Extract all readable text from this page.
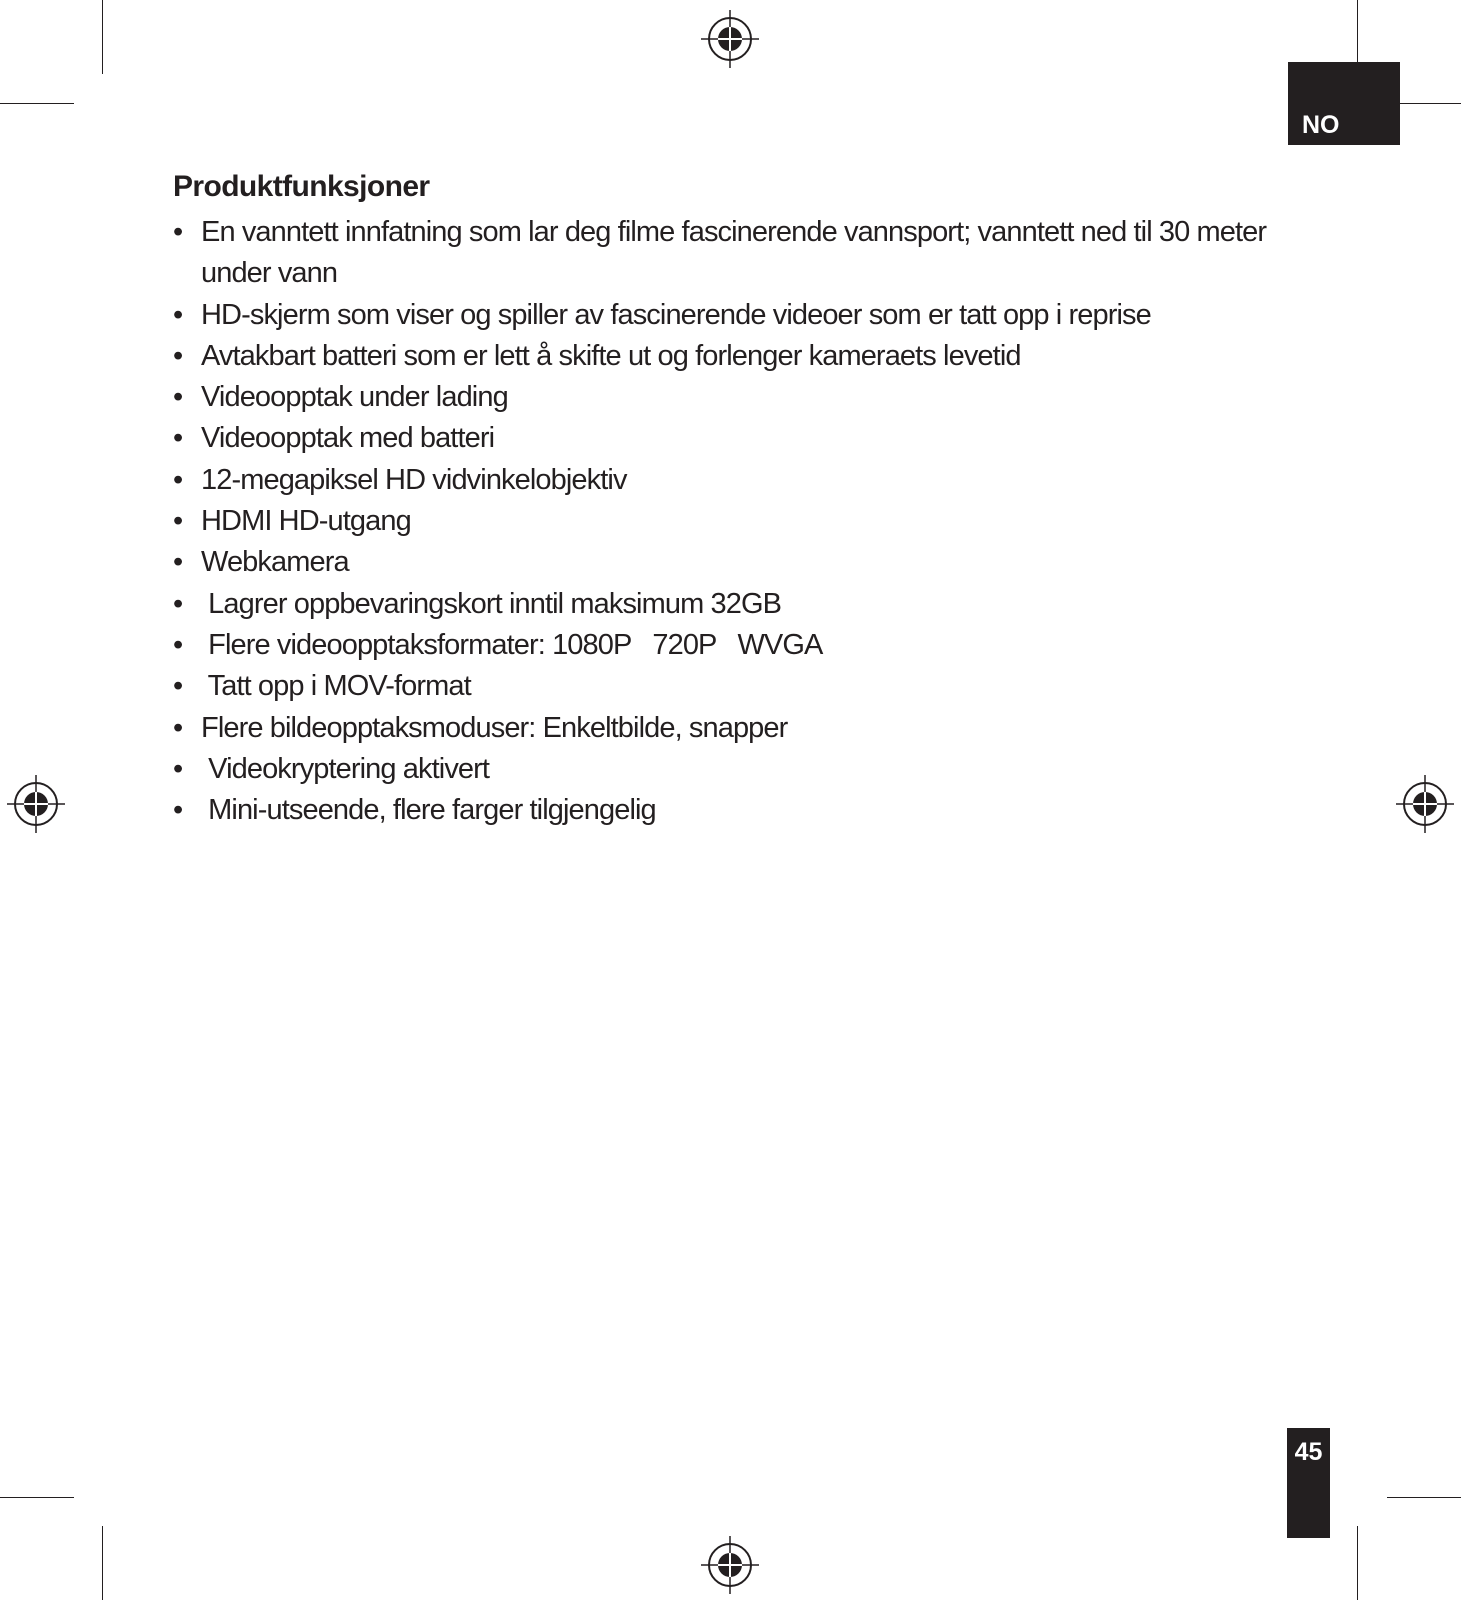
NO
Produktfunksjoner
• En vanntett innfatning som lar deg filme fascinerende vannsport; vanntett ned til 30 meter under vann
• HD-skjerm som viser og spiller av fascinerende videoer som er tatt opp i reprise
• Avtakbart batteri som er lett å skifte ut og forlenger kameraets levetid
• Videoopptak under lading
• Videoopptak med batteri
• 12-megapiksel HD vidvinkelobjektiv
• HDMI HD-utgang
• Webkamera
•  Lagrer oppbevaringskort inntil maksimum 32GB
•  Flere videoopptaksformater: 1080P   720P   WVGA
•  Tatt opp i MOV-format
• Flere bildeopptaksmoduser: Enkeltbilde, snapper
•  Videokryptering aktivert
•  Mini-utseende, flere farger tilgjengelig
45
